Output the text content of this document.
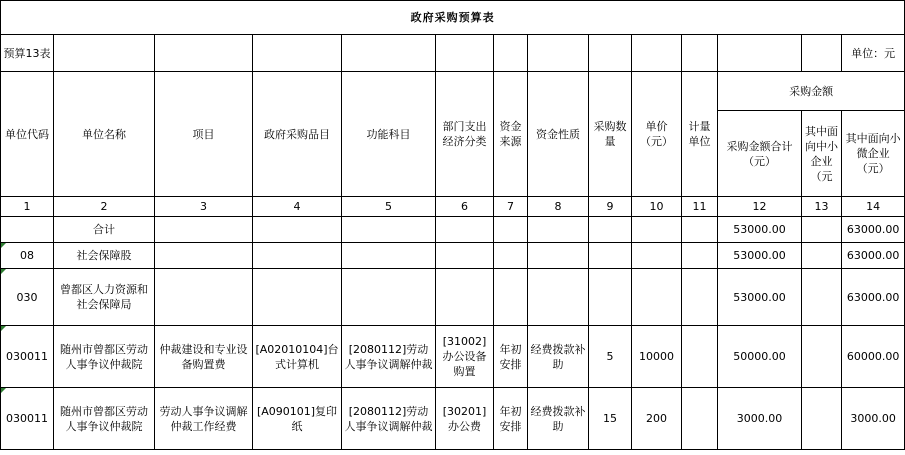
政府采购预算表													
预算13表													单位：元
单位代码	单位名称	项目	政府采购品目	功能科目	部门支出经济分类	资金来源	资金性质	采购数量	单价（元）	计量单位	采购金额		
											采购金额合计（元）	其中面向中小企业（元	其中面向小微企业（元）
1	2	3	4	5	6	7	8	9	10	11	12	13	14
	合计										53000.00		63000.00
08	社会保障股										53000.00		63000.00
030	曾都区人力资源和社会保障局										53000.00		63000.00
030011	随州市曾都区劳动人事争议仲裁院	仲裁建设和专业设备购置费	[A02010104]台式计算机	[2080112]劳动人事争议调解仲裁	[31002]办公设备购置	年初安排	经费拨款补助	5	10000		50000.00		60000.00
030011	随州市曾都区劳动人事争议仲裁院	劳动人事争议调解仲裁工作经费	[A090101]复印纸	[2080112]劳动人事争议调解仲裁	[30201]办公费	年初安排	经费拨款补助	15	200		3000.00		3000.00
